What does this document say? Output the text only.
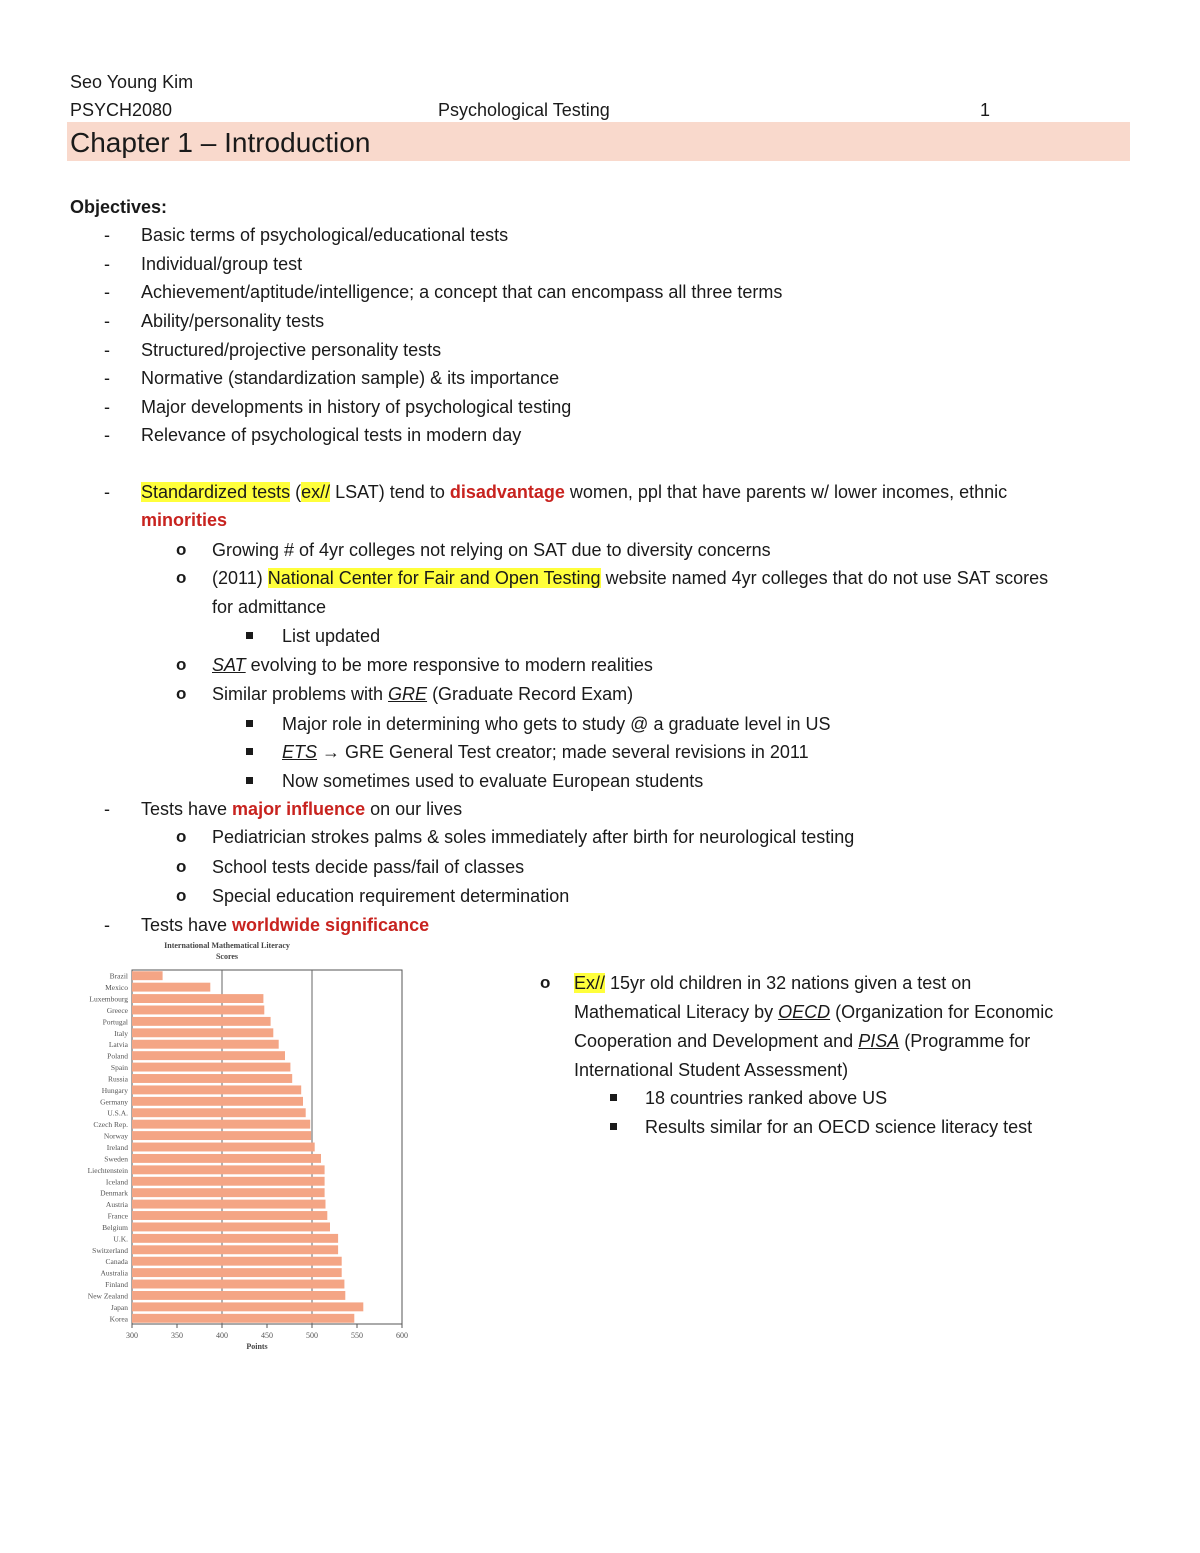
Seo Young Kim
PSYCH2080	Psychological Testing	1
Chapter 1 – Introduction
Objectives:
- Basic terms of psychological/educational tests
- Individual/group test
- Achievement/aptitude/intelligence; a concept that can encompass all three terms
- Ability/personality tests
- Structured/projective personality tests
- Normative (standardization sample) & its importance
- Major developments in history of psychological testing
- Relevance of psychological tests in modern day
- Standardized tests (ex// LSAT) tend to disadvantage women, ppl that have parents w/ lower incomes, ethnic
minorities
o Growing # of 4yr colleges not relying on SAT due to diversity concerns
o (2011) National Center for Fair and Open Testing website named 4yr colleges that do not use SAT scores
for admittance
List updated
o SAT evolving to be more responsive to modern realities
o Similar problems with GRE (Graduate Record Exam)
Major role in determining who gets to study @ a graduate level in US
ETS → GRE General Test creator; made several revisions in 2011
Now sometimes used to evaluate European students
- Tests have major influence on our lives
o Pediatrician strokes palms & soles immediately after birth for neurological testing
o School tests decide pass/fail of classes
o Special education requirement determination
- Tests have worldwide significance
International Mathematical Literacy
Scores
300	350	400	450	500	550	600
Points
Brazil
Mexico
Luxembourg
Greece
Portugal
Italy
Latvia
Poland
Spain
Russia
Hungary
Germany
U.S.A.
Czech Rep.
Norway
Ireland
Sweden
Liechtenstein
Iceland
Denmark
Austria
France
Belgium
U.K.
Switzerland
Canada
Australia
Finland
New Zealand
Japan
Korea
o Ex// 15yr old children in 32 nations given a test on
Mathematical Literacy by OECD (Organization for Economic
Cooperation and Development and PISA (Programme for
International Student Assessment)
18 countries ranked above US
Results similar for an OECD science literacy test
